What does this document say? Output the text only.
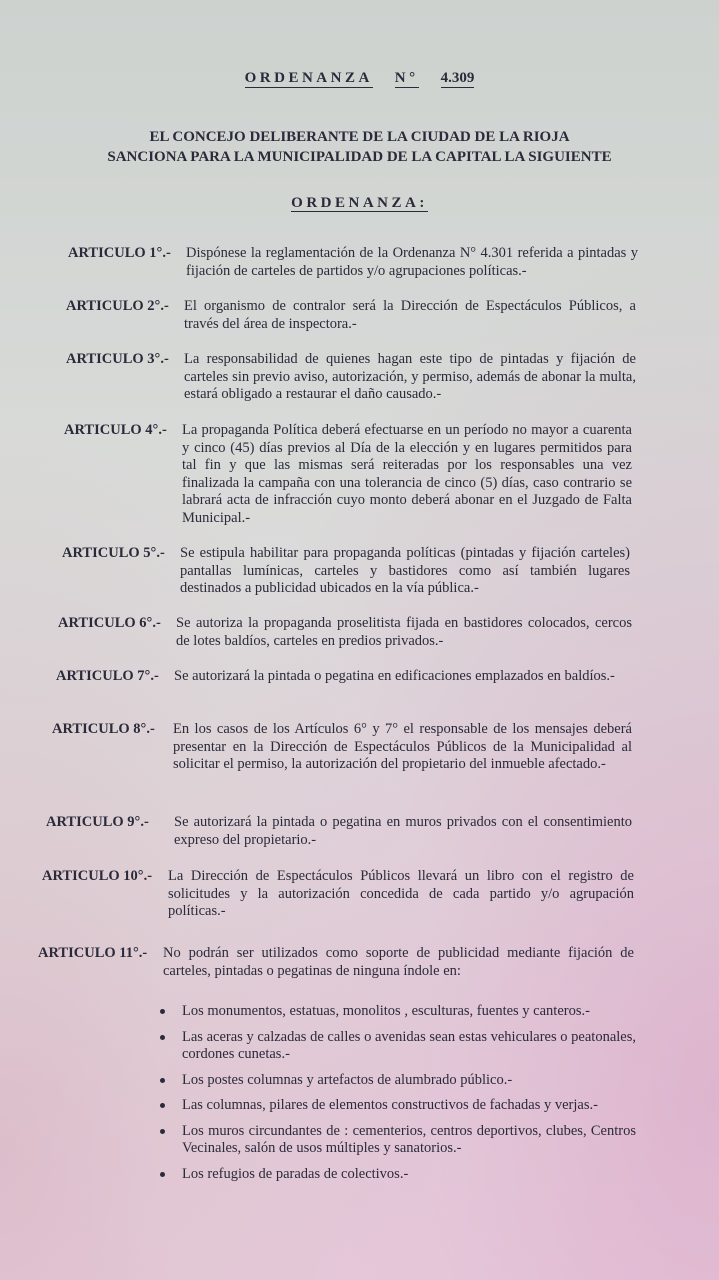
ORDENANZA N° 4.309
EL CONCEJO DELIBERANTE DE LA CIUDAD DE LA RIOJA
SANCIONA PARA LA MUNICIPALIDAD DE LA CAPITAL LA SIGUIENTE
ORDENANZA:
ARTICULO 1°.-	Dispónese la reglamentación de la Ordenanza N° 4.301 referida a pintadas y fijación de carteles de partidos y/o agrupaciones políticas.-
ARTICULO 2°.-	El organismo de contralor será la Dirección de Espectáculos Públicos, a través del área de inspectora.-
ARTICULO 3°.-	La responsabilidad de quienes hagan este tipo de pintadas y fijación de carteles sin previo aviso, autorización, y permiso, además de abonar la multa, estará obligado a restaurar el daño causado.-
ARTICULO 4°.-	La propaganda Política deberá efectuarse en un período no mayor a cuarenta y cinco (45) días previos al Día de la elección y en lugares permitidos para tal fin y que las mismas será reiteradas por los responsables una vez finalizada la campaña con una tolerancia de cinco (5) días, caso contrario se labrará acta de infracción cuyo monto deberá abonar en el Juzgado de Falta Municipal.-
ARTICULO 5°.-	Se estipula habilitar para propaganda políticas (pintadas y fijación carteles) pantallas lumínicas, carteles y bastidores como así también lugares destinados a publicidad ubicados en la vía pública.-
ARTICULO 6°.-	Se autoriza la propaganda proselitista fijada en bastidores colocados, cercos de lotes baldíos, carteles en predios privados.-
ARTICULO 7°.-	Se autorizará la pintada o pegatina en edificaciones emplazados en baldíos.-
ARTICULO 8°.-	En los casos de los Artículos 6° y 7° el responsable de los mensajes deberá presentar en la Dirección de Espectáculos Públicos de la Municipalidad al solicitar el permiso, la autorización del propietario del inmueble afectado.-
ARTICULO 9°.-	Se autorizará la pintada o pegatina en muros privados con el consentimiento expreso del propietario.-
ARTICULO 10°.-	La Dirección de Espectáculos Públicos llevará un libro con el registro de solicitudes y la autorización concedida de cada partido y/o agrupación políticas.-
ARTICULO 11°.-	No podrán ser utilizados como soporte de publicidad mediante fijación de carteles, pintadas o pegatinas de ninguna índole en:
Los monumentos, estatuas, monolitos , esculturas, fuentes y canteros.-
Las aceras y calzadas de calles o avenidas sean estas vehiculares o peatonales, cordones cunetas.-
Los postes columnas y artefactos de alumbrado público.-
Las columnas, pilares de elementos constructivos de fachadas y verjas.-
Los muros circundantes de : cementerios, centros deportivos, clubes, Centros Vecinales, salón de usos múltiples y sanatorios.-
Los refugios de paradas de colectivos.-
